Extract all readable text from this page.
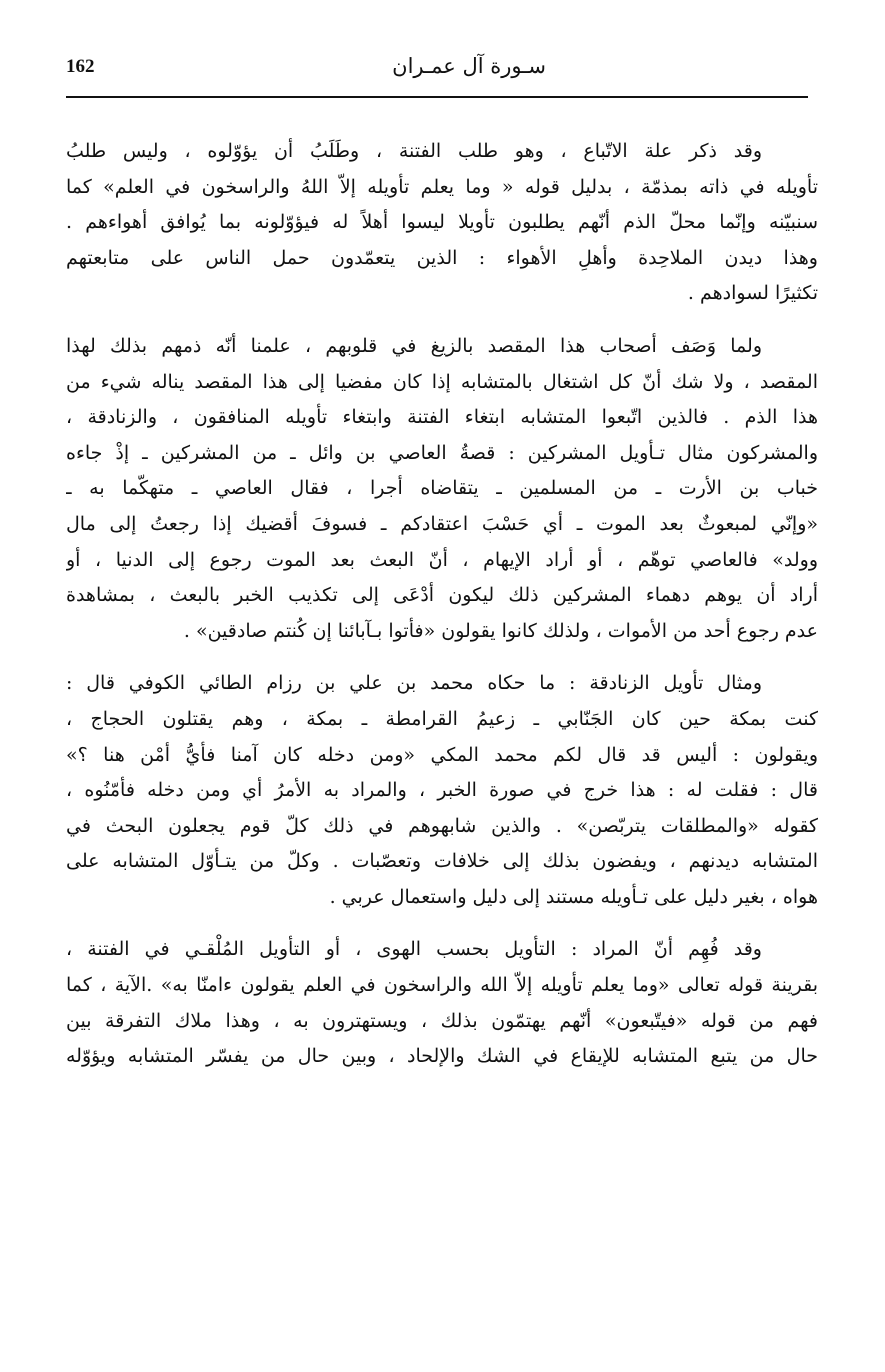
162	سـورة آل عمـران
وقد ذكر علة الاتّباع ، وهو طلب الفتنة ، وطَلَبُ أن يؤوّلوه ، وليس طلبُ
تأويله في ذاته بمذمّة ، بدليل قوله « وما يعلم تأويله إلاّ اللهُ والراسخون في العلم» كما
سنبيّنه وإنّما محلّ الذم أنّهم يطلبون تأويلا ليسوا أهلاً له فيؤوّلونه بما يُوافق أهواءهم .
وهذا ديدن الملاحِدة وأهلِ الأهواء : الذين يتعمّدون حمل الناس على متابعتهم
تكثيرًا لسوادهم .
ولما وَصَف أصحاب هذا المقصد بالزيغ في قلوبهم ، علمنا أنّه ذمهم بذلك لهذا
المقصد ، ولا شك أنّ كل اشتغال بالمتشابه إذا كان مفضيا إلى هذا المقصد يناله شيء من
هذا الذم . فالذين اتّبعوا المتشابه ابتغاء الفتنة وابتغاء تأويله المنافقون ، والزنادقة ،
والمشركون مثال تـأويل المشركين : قصةُ العاصي بن وائل ـ من المشركين ـ إذْ جاءه
خباب بن الأرت ـ من المسلمين ـ يتقاضاه أجرا ، فقال العاصي ـ متهكّما به ـ
«وإنّي لمبعوثٌ بعد الموت ـ أي حَسْبَ اعتقادكم ـ فسوفَ أقضيك إذا رجعتُ إلى مال
وولد» فالعاصي توهّم ، أو أراد الإيهام ، أنّ البعث بعد الموت رجوع إلى الدنيا ، أو
أراد أن يوهم دهماء المشركين ذلك ليكون أدْعَى إلى تكذيب الخبر بالبعث ، بمشاهدة
عدم رجوع أحد من الأموات ، ولذلك كانوا يقولون «فأتوا بـآبائنا إن كُنتم صادقين» .
ومثال تأويل الزنادقة : ما حكاه محمد بن علي بن رزام الطائي الكوفي قال :
كنت بمكة حين كان الجَنّابي ـ زعيمُ القرامطة ـ بمكة ، وهم يقتلون الحجاج ،
ويقولون : أليس قد قال لكم محمد المكي «ومن دخله كان آمنا فأيُّ أمْن هنا ؟»
قال : فقلت له : هذا خرج في صورة الخبر ، والمراد به الأمرُ أي ومن دخله فأمّنُوه ،
كقوله «والمطلقات يتربّصن» . والذين شابهوهم في ذلك كلّ قوم يجعلون البحث في
المتشابه ديدنهم ، ويفضون بذلك إلى خلافات وتعصّبات . وكلّ من يتـأوّل المتشابه على
هواه ، بغير دليل على تـأويله مستند إلى دليل واستعمال عربي .
وقد فُهِم أنّ المراد : التأويل بحسب الهوى ، أو التأويل المُلْقـي في الفتنة ،
بقرينة قوله تعالى «وما يعلم تأويله إلاّ الله والراسخون في العلم يقولون ءامنّا به» .الآية ، كما
فهم من قوله «فيتّبعون» أنّهم يهتمّون بذلك ، ويستهترون به ، وهذا ملاك التفرقة بين
حال من يتبع المتشابه للإيقاع في الشك والإلحاد ، وبين حال من يفسّر المتشابه ويؤوّله
